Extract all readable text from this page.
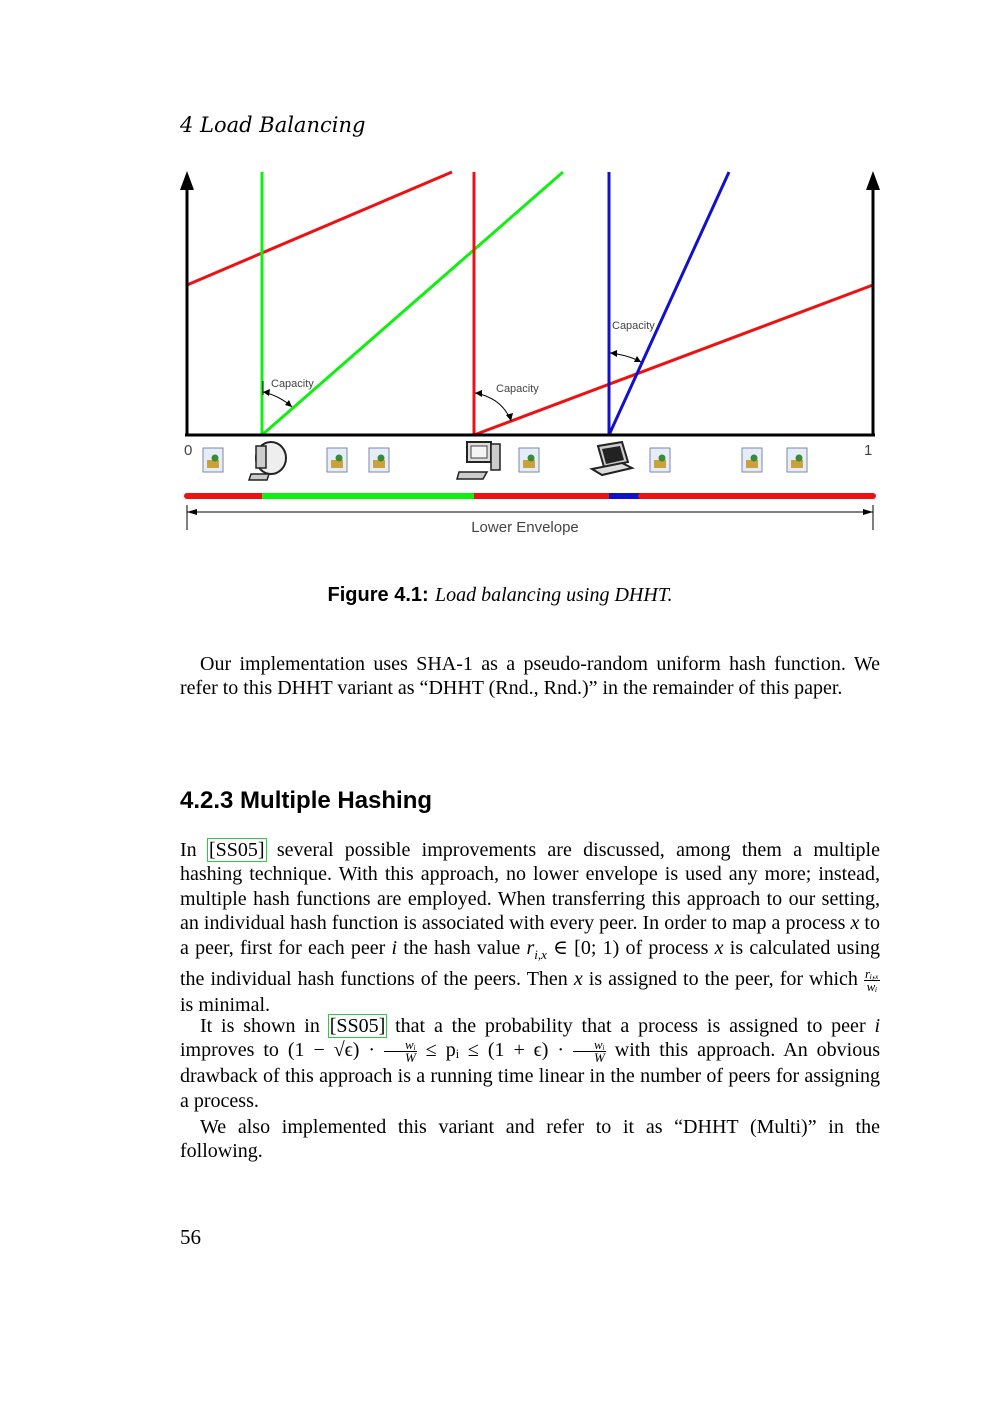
4 Load Balancing
Capacity	Capacity
Capacity
0	1
Lower Envelope
Figure 4.1: Load balancing using DHHT.
Our implementation uses SHA-1 as a pseudo-random uniform hash function. We refer to this DHHT variant as “DHHT (Rnd., Rnd.)” in the remainder of this paper.
4.2.3 Multiple Hashing
In [SS05] several possible improvements are discussed, among them a multiple hashing technique. With this approach, no lower envelope is used any more; instead, multiple hash functions are employed. When transferring this approach to our setting, an individual hash function is associated with every peer. In order to map a process x to a peer, first for each peer i the hash value $r_{i,x}$ ∈ [0; 1) of process x is calculated using the individual hash functions of the peers. Then x is assigned to the peer, for which $\frac{\text{rᵢ,ₓ}}{\text{wᵢ}}$
is minimal.
It is shown in [SS05] that a the probability that a process is assigned to peer i improves to $(1 - √\epsilon) \cdot \frac{\text{wᵢ}}{W}$ ≤ pᵢ ≤ $(1 + \epsilon) \cdot \frac{\text{wᵢ}}{W}$ with this approach. An obvious drawback of this approach is a running time linear in the number of peers for assigning a process.
We also implemented this variant and refer to it as “DHHT (Multi)” in the following.
56
